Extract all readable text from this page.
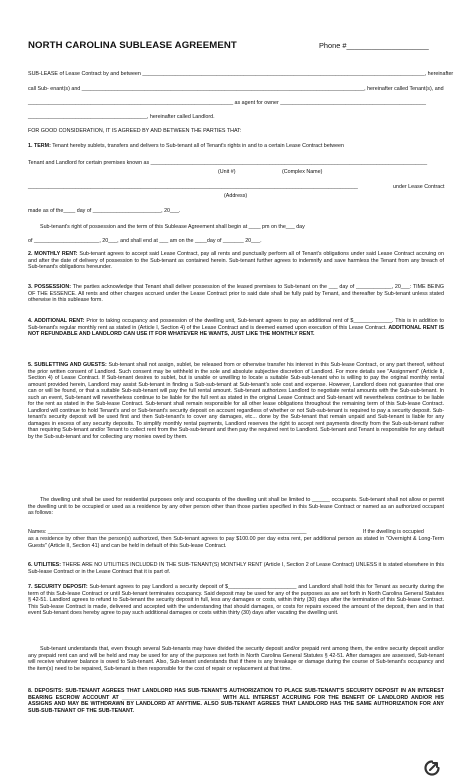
NORTH CAROLINA SUBLEASE AGREEMENT	Phone #____________________
SUB-LEASE of Lease Contract by and between _______________________________________________________________________________________________, hereinafter
call Sub- enant(s) and _______________________________________________________________________________________________, hereinafter called Tenant(s), and
_____________________________________________________________________ as agent for owner _________________________________________________
________________________________________, hereinafter called Landlord.
FOR GOOD CONSIDERATION, IT IS AGREED BY AND BETWEEN THE PARTIES THAT:
1. TERM: Tenant hereby sublets, transfers and delivers to Sub-tenant all of Tenant's rights in and to a certain Lease Contract between
Tenant and Landlord for certain premises known as _____________________________________________________________________________________________
(Unit #)	(Complex Name)
_______________________________________________________________________________________________________________	under Lease Contract
(Address)
made as of the____ day of _______________________, 20___.
Sub-tenant's right of possession and the term of this Sublease Agreement shall begin at ____ pm on the___ day
of ______________________, 20___, and shall end at ___ am on the ____day of _______ 20___.
2. MONTHLY RENT: Sub-tenant agrees to accept said Lease Contract, pay all rents and punctually perform all of Tenant's obligations under said Lease Contract accruing on and after the date of delivery of possession to the Sub-tenant as contained herein. Sub-tenant further agrees to indemnify and save harmless the Tenant from any breach of Sub-tenant's obligations hereunder.
3. POSSESSION: The parties acknowledge that Tenant shall deliver possession of the leased premises to Sub-tenant on the ___ day of ____________, 20___: TIME BEING OF THE ESSENCE. All rents and other charges accrued under the Lease Contract prior to said date shall be fully paid by Tenant, and thereafter by Sub-tenant unless stated otherwise in this sublease form.
4. ADDITIONAL RENT: Prior to taking occupancy and possession of the dwelling unit, Sub-tenant agrees to pay an additional rent of $_____________. This is in addition to Sub-tenant's regular monthly rent as stated in (Article I, Section 4) of the Lease Contract and is deemed earned upon execution of this Lease Contract. ADDITIONAL RENT IS NOT REFUNDABLE AND LANDLORD CAN USE IT FOR WHATEVER HE WANTS, JUST LIKE THE MONTHLY RENT.
5. SUBLETTING AND GUESTS: Sub-tenant shall not assign, sublet, be released from or otherwise transfer his interest in this Sub-lease Contract, or any part thereof, without the prior written consent of Landlord. Such consent may be withheld in the sole and absolute subjective discretion of Landlord. For more details see "Assignment" (Article II, Section 4) of Lease Contract. If Sub-tenant desires to sublet, but is unable or unwilling to locate a suitable Sub-sub-tenant who is willing to pay the original monthly rental amount provided herein, Landlord may assist Sub-tenant in finding a Sub-sub-tenant at Sub-tenant's sole cost and expense. However, Landlord does not guarantee that one can or will be found, or that a suitable Sub-sub-tenant will pay the full rental amount. Sub-tenant authorizes Landlord to negotiate rental amounts with the Sub-sub-tenant. In such an event, Sub-tenant will nevertheless continue to be liable for the full rent as stated in the original Lease Contract and Sub-tenant will nevertheless continue to be liable for the rent as stated in the Sub-lease Contract. Sub-tenant shall remain responsible for all other lease obligations throughout the remaining term of this Sub-lease Contract. Landlord will continue to hold Tenant's and or Sub-tenant's security deposit on account regardless of whether or not Sub-sub-tenant is required to pay a security deposit. Sub-tenant's security deposit will be used first and then Sub-tenant's to cover any damages, etc... done by the Sub-tenant that remain unpaid and Sub-tenant is liable for any damages in excess of any security deposits. To simplify monthly rental payments, Landlord reserves the right to accept rent payments directly from the Sub-sub-tenant rather than requiring Sub-tenant and/or Tenant to collect rent from the Sub-sub-tenant and then pay the required rent to Landlord. Sub-tenant and Tenant is responsible for any default by the Sub-sub-tenant and for collecting any monies owed by them.
The dwelling unit shall be used for residential purposes only and occupants of the dwelling unit shall be limited to ______ occupants. Sub-tenant shall not allow or permit the dwelling unit to be occupied or used as a residence by any other person other than those parties specified in this Sub-lease Contract or named as an authorized occupant as follows:
Names: _______________________________________________________________________________________	If the dwelling is occupied
as a residence by other than the person(s) authorized, then Sub-tenant agrees to pay $100.00 per day extra rent, per additional person as stated in "Overnight & Long-Term Guests" (Article II, Section 41) and can be held in default of this Sub-lease Contract.
6. UTILITIES: THERE ARE NO UTILITIES INCLUDED IN THE SUB-TENANT(S) MONTHLY RENT (Article I, Section 2 of Lease Contract) UNLESS it is stated elsewhere in this Sub-lease Contract or in the Lease Contract that it is part of.
7. SECURITY DEPOSIT: Sub-tenant agrees to pay Landlord a security deposit of $_______________________ and Landlord shall hold this for Tenant as security during the term of this Sub-lease Contract or until Sub-tenant terminates occupancy. Said deposit may be used for any of the purposes as are set forth in North Carolina General Statutes § 42-51. Landlord agrees to refund to Sub-tenant the security deposit in full, less any damages or costs, within thirty (30) days after the termination of this Sub-lease Contract. This Sub-lease Contract is made, delivered and accepted with the understanding that should damages, or costs for repairs exceed the amount of the deposit, then and in that event Sub-tenant does hereby agree to pay such additional damages or costs within thirty (30) days after vacating the dwelling unit.
Sub-tenant understands that, even though several Sub-tenants may have divided the security deposit and/or prepaid rent among them, the entire security deposit and/or any prepaid rent can and will be held and may be used for any of the purposes set forth in North Carolina General Statutes § 42-51. After damages are assessed, Sub-tenant will receive whatever balance is owed to Sub-tenant. Also, Sub-tenant understands that if there is any breakage or damage during the course of Sub-tenant's occupancy and the item(s) need to be repaired, Sub-tenant is then responsible for the cost of repair or replacement at that time.
8. DEPOSITS: SUB-TENANT AGREES THAT LANDLORD HAS SUB-TENANT'S AUTHORIZATION TO PLACE SUB-TENANT'S SECURITY DEPOSIT IN AN INTEREST BEARING ESCROW ACCOUNT AT _________________________________ WITH ALL INTEREST ACCRUING FOR THE BENEFIT OF LANDLORD AND/OR HIS ASSIGNS AND MAY BE WITHDRAWN BY LANDLORD AT ANYTIME. ALSO SUB-TENANT AGREES THAT LANDLORD HAS THE SAME AUTHORIZATION FOR ANY SUB-SUB-TENANT OF THE SUB-TENANT.
